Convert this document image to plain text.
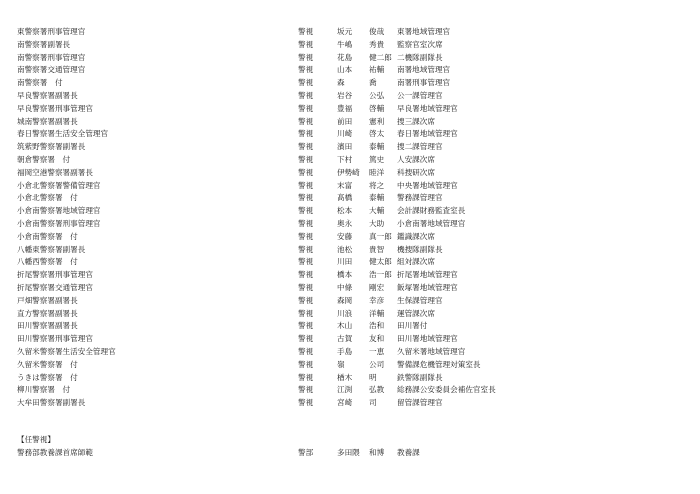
東警察署刑事管理官	警視	坂元 俊哉 東署地域管理官
南警察署副署長	警視	牛嶋 秀貴 監察官室次席
南警察署刑事管理官	警視	花島 健二郎 二機隊副隊長
南警察署交通管理官	警視	山本 祐輔 南署地域管理官
南警察署　付	警視	森	喬	南署刑事管理官
早良警察署副署長	警視	岩谷 公弘 公一課管理官
早良警察署刑事管理官	警視	豊福 啓輔 早良署地域管理官
城南警察署副署長	警視	前田 憲利 捜三課次席
春日警察署生活安全管理官	警視	川崎 啓太 春日署地域管理官
筑紫野警察署副署長	警視	濱田 泰輔 捜二課管理官
朝倉警察署　付	警視	下村 篤史 人安課次席
福岡空港警察署副署長	警視	伊勢崎 睦洋 科捜研次席
小倉北警察署警備管理官	警視	末富 将之 中央署地域管理官
小倉北警察署　付	警視	髙橋 泰輔 警務課管理官
小倉南警察署地域管理官	警視	松本 大輔 会計課財務監査室長
小倉南警察署刑事管理官	警視	奥永 大助 小倉南署地域管理官
小倉南警察署　付	警視	安藤 真一郎 鑑識課次席
八幡東警察署副署長	警視	池松 貴智 機捜隊副隊長
八幡西警察署　付	警視	川田 健太郎 組対課次席
折尾警察署刑事管理官	警視	橋本 浩一郎 折尾署地域管理官
折尾警察署交通管理官	警視	中條 剛宏 飯塚署地域管理官
戸畑警察署副署長	警視	森岡 幸彦 生保課管理官
直方警察署副署長	警視	川浪 洋輔 運管課次席
田川警察署副署長	警視	木山 浩和 田川署付
田川警察署刑事管理官	警視	古賀 友和 田川署地域管理官
久留米警察署生活安全管理官	警視	手島 一恵 久留米署地域管理官
久留米警察署　付	警視	嶺	公司 警備課危機管理対策室長
うきは警察署　付	警視	楢木 明	鉄警隊副隊長
柳川警察署　付	警視	江渕 弘教 総務課公安委員会補佐官室長
大牟田警察署副署長	警視	宮崎 司	留管課管理官
【任警視】
警務部教養課首席師範	警部	多田隈 和博 教養課
